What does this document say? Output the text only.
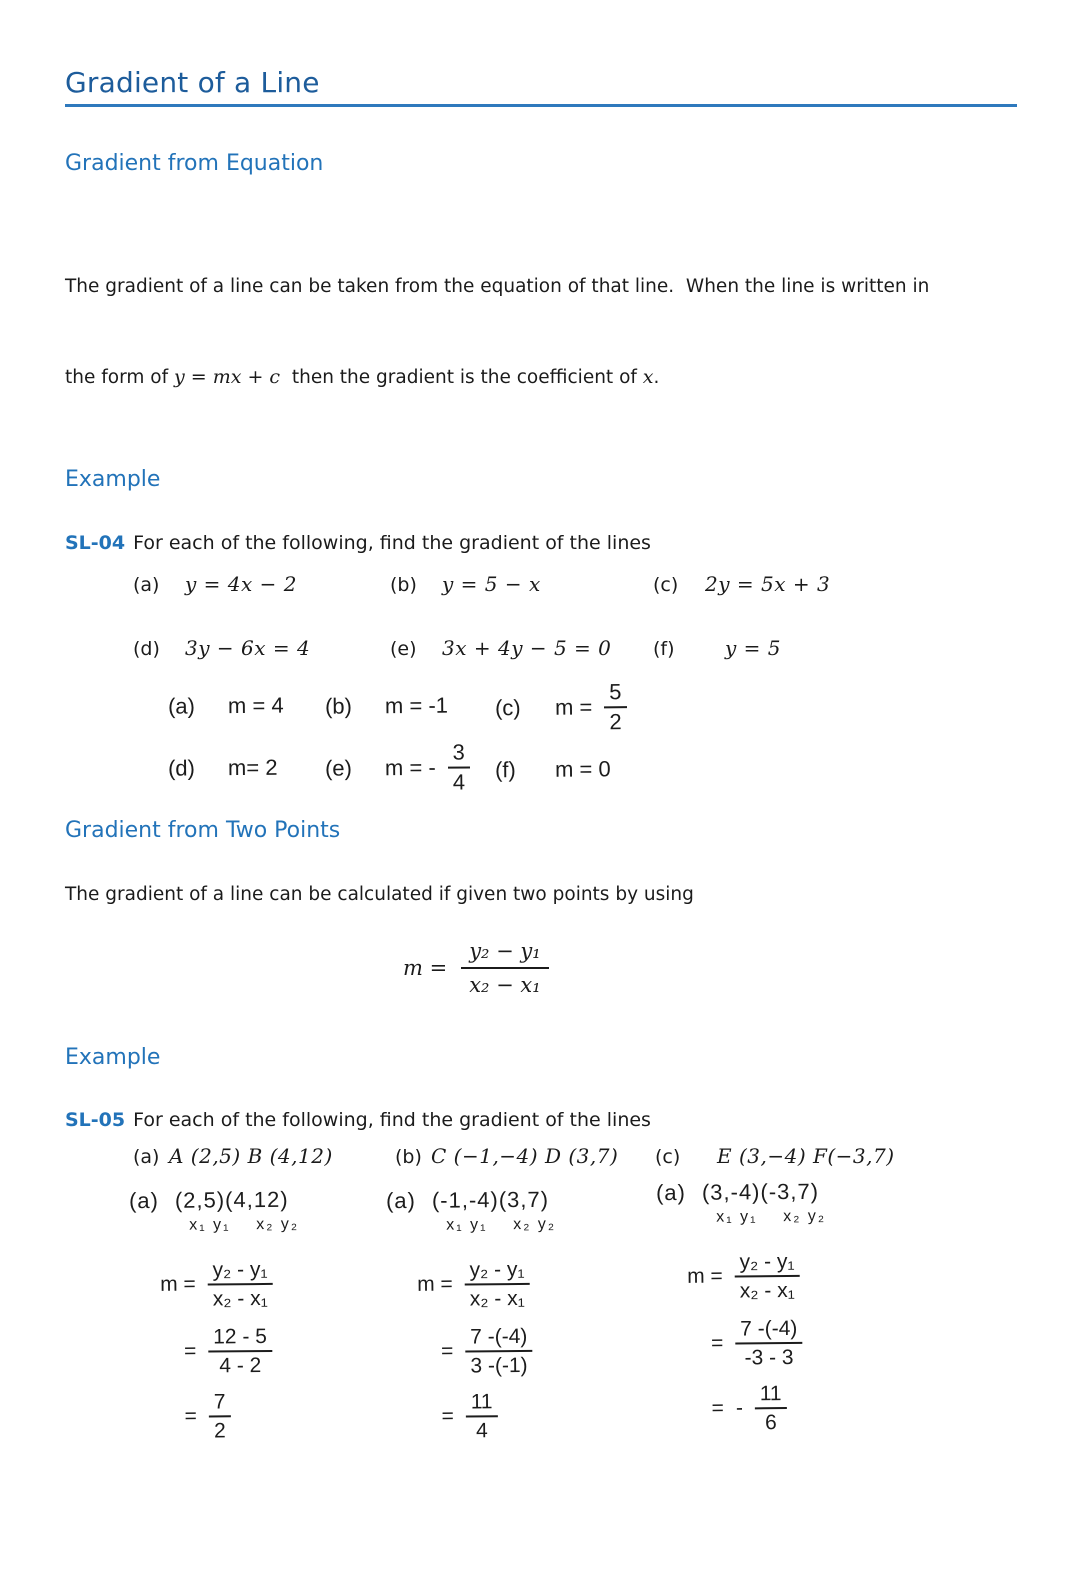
Gradient of a Line
Gradient from Equation

The gradient of a line can be taken from the equation of that line.  When the line is written in

the form of y = mx + c  then the gradient is the coefficient of x.

Example
SL-04 For each of the following, find the gradient of the lines
(a)	y = 4x − 2	(b)	y = 5 − x	(c)	2y = 5x + 3
(d)	3y − 6x = 4	(e)	3x + 4y − 5 = 0 (f)	y = 5
(a)	m = 4 (b)	m = -1 (c)	$m = \frac{5}{2}$
(d)	m= 2 (e)	m = - $\frac{3}{4} (f)$	m = 0
Gradient from Two Points
The gradient of a line can be calculated if given two points by using
$m = \frac{\text{y₂ − y₁}}{\text{x₂ − x₁}}$
Example
SL-05 For each of the following, find the gradient of the lines
(a) A (2,5) B (4,12)	(b) C (−1,−4) D (3,7) (c)	E (3,−4) F(−3,7)
(a) (2,5)(4,12)
x₁ y₁    x₂ y₂
$m = \frac{\text{y₂ - y₁}}{\text{x₂ - x₁}}$
= $\frac{12 - 5}{4 - 2}$
= $\frac{7}{2}$
(a) (-1,-4)(3,7)
x₁ y₁    x₂ y₂
$m = \frac{\text{y₂ - y₁}}{\text{x₂ - x₁}}$
= $\frac{7 -(-4)}{3 -(-1)}$
= $\frac{11}{4}$
(a) (3,-4)(-3,7)
x₁ y₁    x₂ y₂
$m = \frac{\text{y₂ - y₁}}{\text{x₂ - x₁}}$
= $\frac{7 -(-4)}{-3 - 3}$
= - $\frac{11}{6}$
